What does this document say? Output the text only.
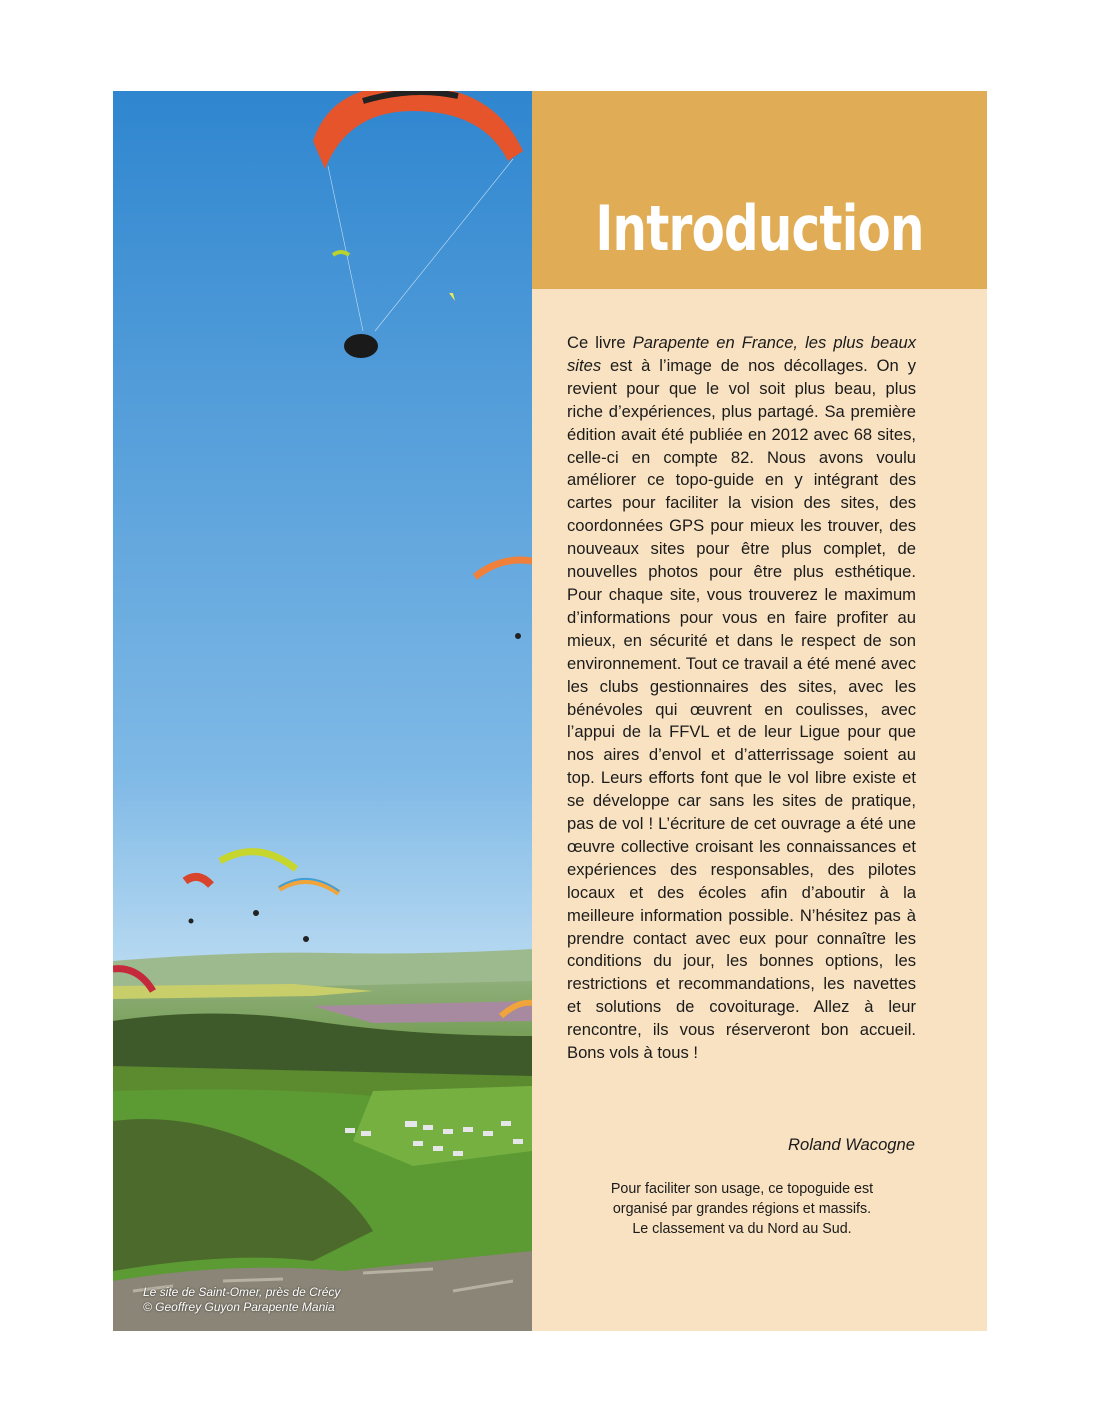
Le site de Saint-Omer, près de Crécy
© Geoffrey Guyon Parapente Mania
Introduction
Ce livre Parapente en France, les plus beaux sites est à l’image de nos décollages. On y revient pour que le vol soit plus beau, plus riche d’expériences, plus partagé. Sa première édition avait été publiée en 2012 avec 68 sites, celle-ci en compte 82. Nous avons voulu améliorer ce topo-guide en y intégrant des cartes pour faciliter la vision des sites, des coordonnées GPS pour mieux les trouver, des nouveaux sites pour être plus complet, de nouvelles photos pour être plus esthétique. Pour chaque site, vous trouverez le maximum d’informations pour vous en faire profiter au mieux, en sécurité et dans le respect de son environnement. Tout ce travail a été mené avec les clubs gestionnaires des sites, avec les bénévoles qui œuvrent en coulisses, avec l’appui de la FFVL et de leur Ligue pour que nos aires d’envol et d’atterrissage soient au top. Leurs efforts font que le vol libre existe et se développe car sans les sites de pratique, pas de vol ! L’écriture de cet ouvrage a été une œuvre collective croisant les connaissances et expériences des responsables, des pilotes locaux et des écoles afin d’aboutir à la meilleure information possible. N’hésitez pas à prendre contact avec eux pour connaître les conditions du jour, les bonnes options, les restrictions et recommandations, les navettes et solutions de covoiturage. Allez à leur rencontre, ils vous réserveront bon accueil. Bons vols à tous !
Roland Wacogne
Pour faciliter son usage, ce topoguide est
organisé par grandes régions et massifs.
Le classement va du Nord au Sud.
